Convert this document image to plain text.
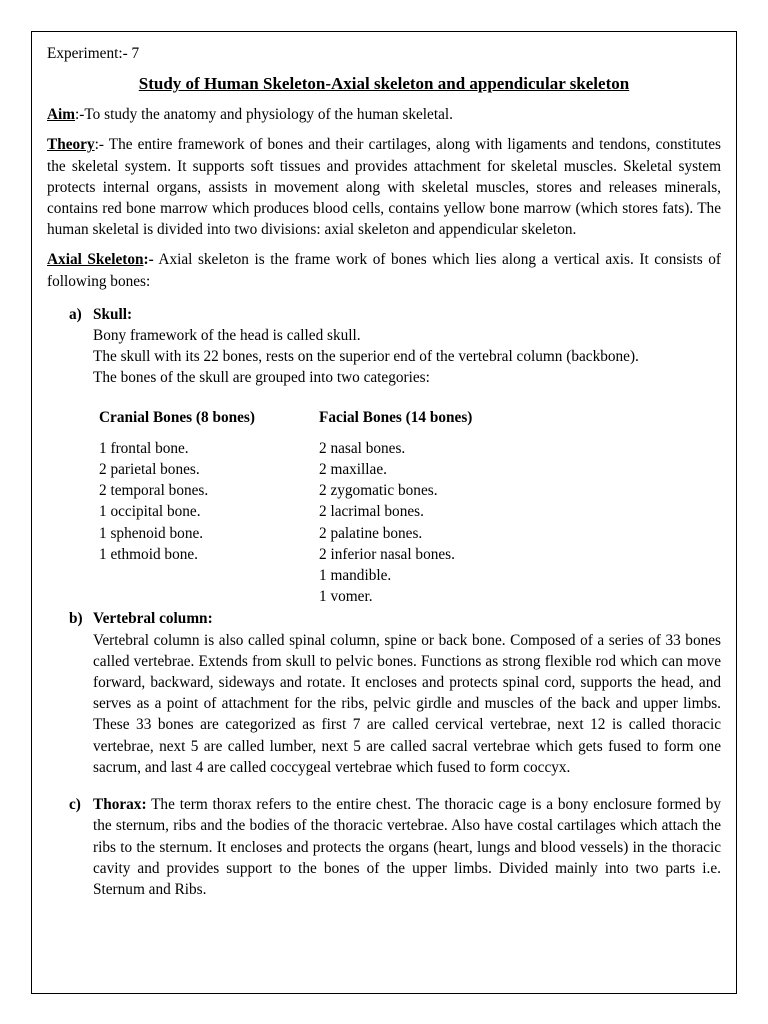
Experiment:- 7
Study of Human Skeleton-Axial skeleton and appendicular skeleton
Aim:-To study the anatomy and physiology of the human skeletal.
Theory:- The entire framework of bones and their cartilages, along with ligaments and tendons, constitutes the skeletal system. It supports soft tissues and provides attachment for skeletal muscles. Skeletal system protects internal organs, assists in movement along with skeletal muscles, stores and releases minerals, contains red bone marrow which produces blood cells, contains yellow bone marrow (which stores fats). The human skeletal is divided into two divisions: axial skeleton and appendicular skeleton.
Axial Skeleton:- Axial skeleton is the frame work of bones which lies along a vertical axis. It consists of following bones:
a) Skull:
Bony framework of the head is called skull.
The skull with its 22 bones, rests on the superior end of the vertebral column (backbone).
The bones of the skull are grouped into two categories:
Cranial Bones (8 bones)
1 frontal bone.
2 parietal bones.
2 temporal bones.
1 occipital bone.
1 sphenoid bone.
1 ethmoid bone.
Facial Bones (14 bones)
2 nasal bones.
2 maxillae.
2 zygomatic bones.
2 lacrimal bones.
2 palatine bones.
2 inferior nasal bones.
1 mandible.
1 vomer.
b) Vertebral column:
Vertebral column is also called spinal column, spine or back bone. Composed of a series of 33 bones called vertebrae. Extends from skull to pelvic bones. Functions as strong flexible rod which can move forward, backward, sideways and rotate. It encloses and protects spinal cord, supports the head, and serves as a point of attachment for the ribs, pelvic girdle and muscles of the back and upper limbs. These 33 bones are categorized as first 7 are called cervical vertebrae, next 12 is called thoracic vertebrae, next 5 are called lumber, next 5 are called sacral vertebrae which gets fused to form one sacrum, and last 4 are called coccygeal vertebrae which fused to form coccyx.
c) Thorax: The term thorax refers to the entire chest. The thoracic cage is a bony enclosure formed by the sternum, ribs and the bodies of the thoracic vertebrae. Also have costal cartilages which attach the ribs to the sternum. It encloses and protects the organs (heart, lungs and blood vessels) in the thoracic cavity and provides support to the bones of the upper limbs. Divided mainly into two parts i.e. Sternum and Ribs.
